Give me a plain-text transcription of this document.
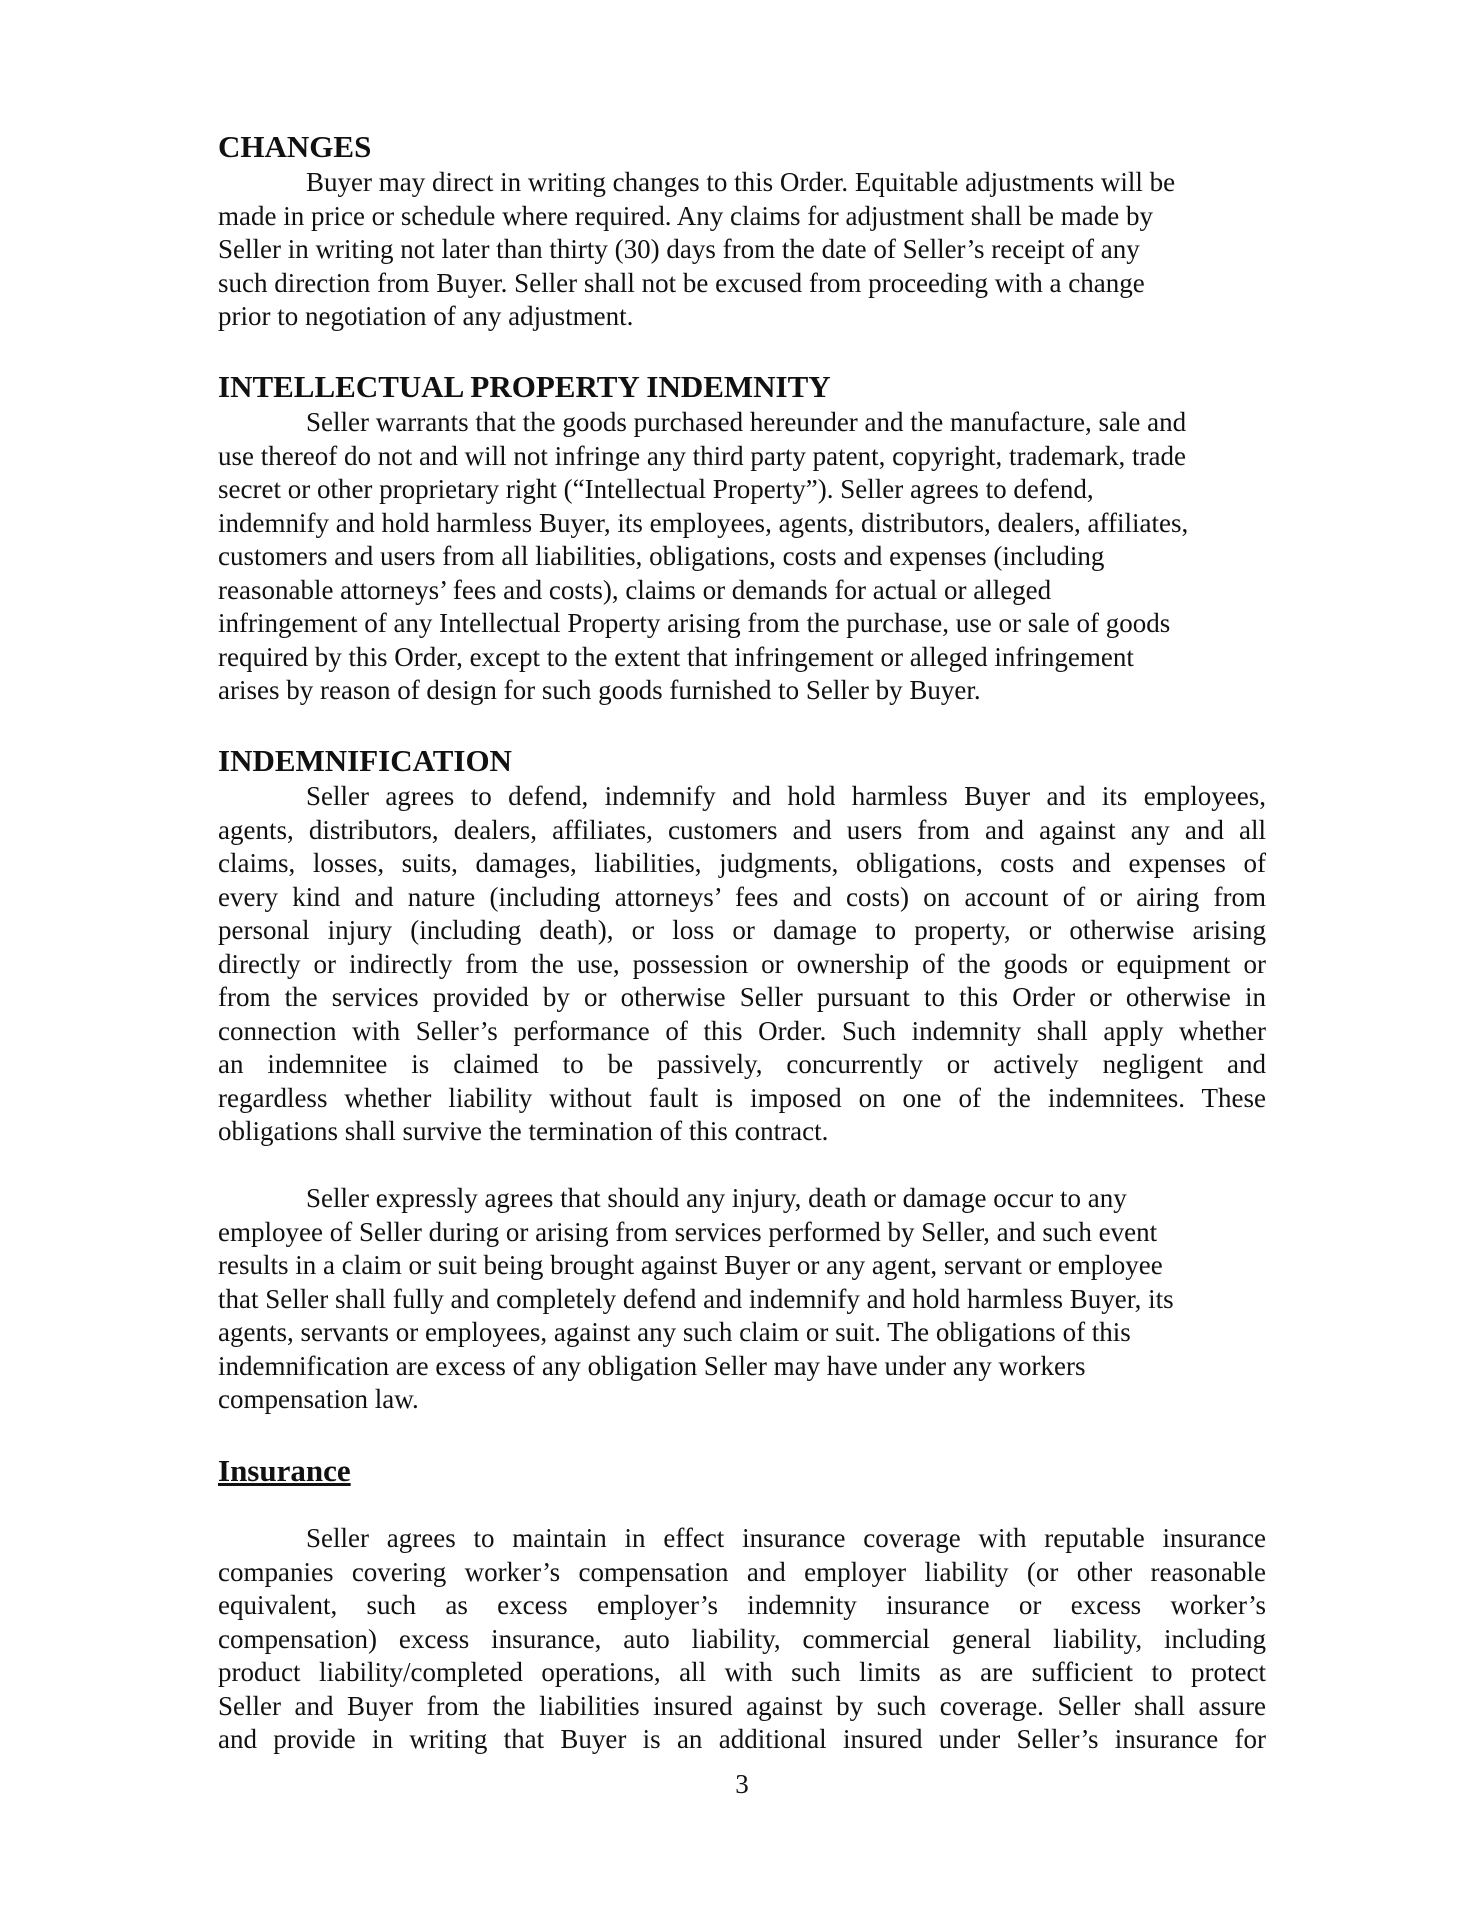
CHANGES
Buyer may direct in writing changes to this Order. Equitable adjustments will be
made in price or schedule where required. Any claims for adjustment shall be made by
Seller in writing not later than thirty (30) days from the date of Seller’s receipt of any
such direction from Buyer. Seller shall not be excused from proceeding with a change
prior to negotiation of any adjustment.
INTELLECTUAL PROPERTY INDEMNITY
Seller warrants that the goods purchased hereunder and the manufacture, sale and
use thereof do not and will not infringe any third party patent, copyright, trademark, trade
secret or other proprietary right (“Intellectual Property”). Seller agrees to defend,
indemnify and hold harmless Buyer, its employees, agents, distributors, dealers, affiliates,
customers and users from all liabilities, obligations, costs and expenses (including
reasonable attorneys’ fees and costs), claims or demands for actual or alleged
infringement of any Intellectual Property arising from the purchase, use or sale of goods
required by this Order, except to the extent that infringement or alleged infringement
arises by reason of design for such goods furnished to Seller by Buyer.
INDEMNIFICATION
Seller agrees to defend, indemnify and hold harmless Buyer and its employees,
agents, distributors, dealers, affiliates, customers and users from and against any and all
claims, losses, suits, damages, liabilities, judgments, obligations, costs and expenses of
every kind and nature (including attorneys’ fees and costs) on account of or airing from
personal injury (including death), or loss or damage to property, or otherwise arising
directly or indirectly from the use, possession or ownership of the goods or equipment or
from the services provided by or otherwise Seller pursuant to this Order or otherwise in
connection with Seller’s performance of this Order. Such indemnity shall apply whether
an indemnitee is claimed to be passively, concurrently or actively negligent and
regardless whether liability without fault is imposed on one of the indemnitees. These
obligations shall survive the termination of this contract.
Seller expressly agrees that should any injury, death or damage occur to any
employee of Seller during or arising from services performed by Seller, and such event
results in a claim or suit being brought against Buyer or any agent, servant or employee
that Seller shall fully and completely defend and indemnify and hold harmless Buyer, its
agents, servants or employees, against any such claim or suit. The obligations of this
indemnification are excess of any obligation Seller may have under any workers
compensation law.
Insurance
Seller agrees to maintain in effect insurance coverage with reputable insurance
companies covering worker’s compensation and employer liability (or other reasonable
equivalent, such as excess employer’s indemnity insurance or excess worker’s
compensation) excess insurance, auto liability, commercial general liability, including
product liability/completed operations, all with such limits as are sufficient to protect
Seller and Buyer from the liabilities insured against by such coverage. Seller shall assure
and provide in writing that Buyer is an additional insured under Seller’s insurance for
3
